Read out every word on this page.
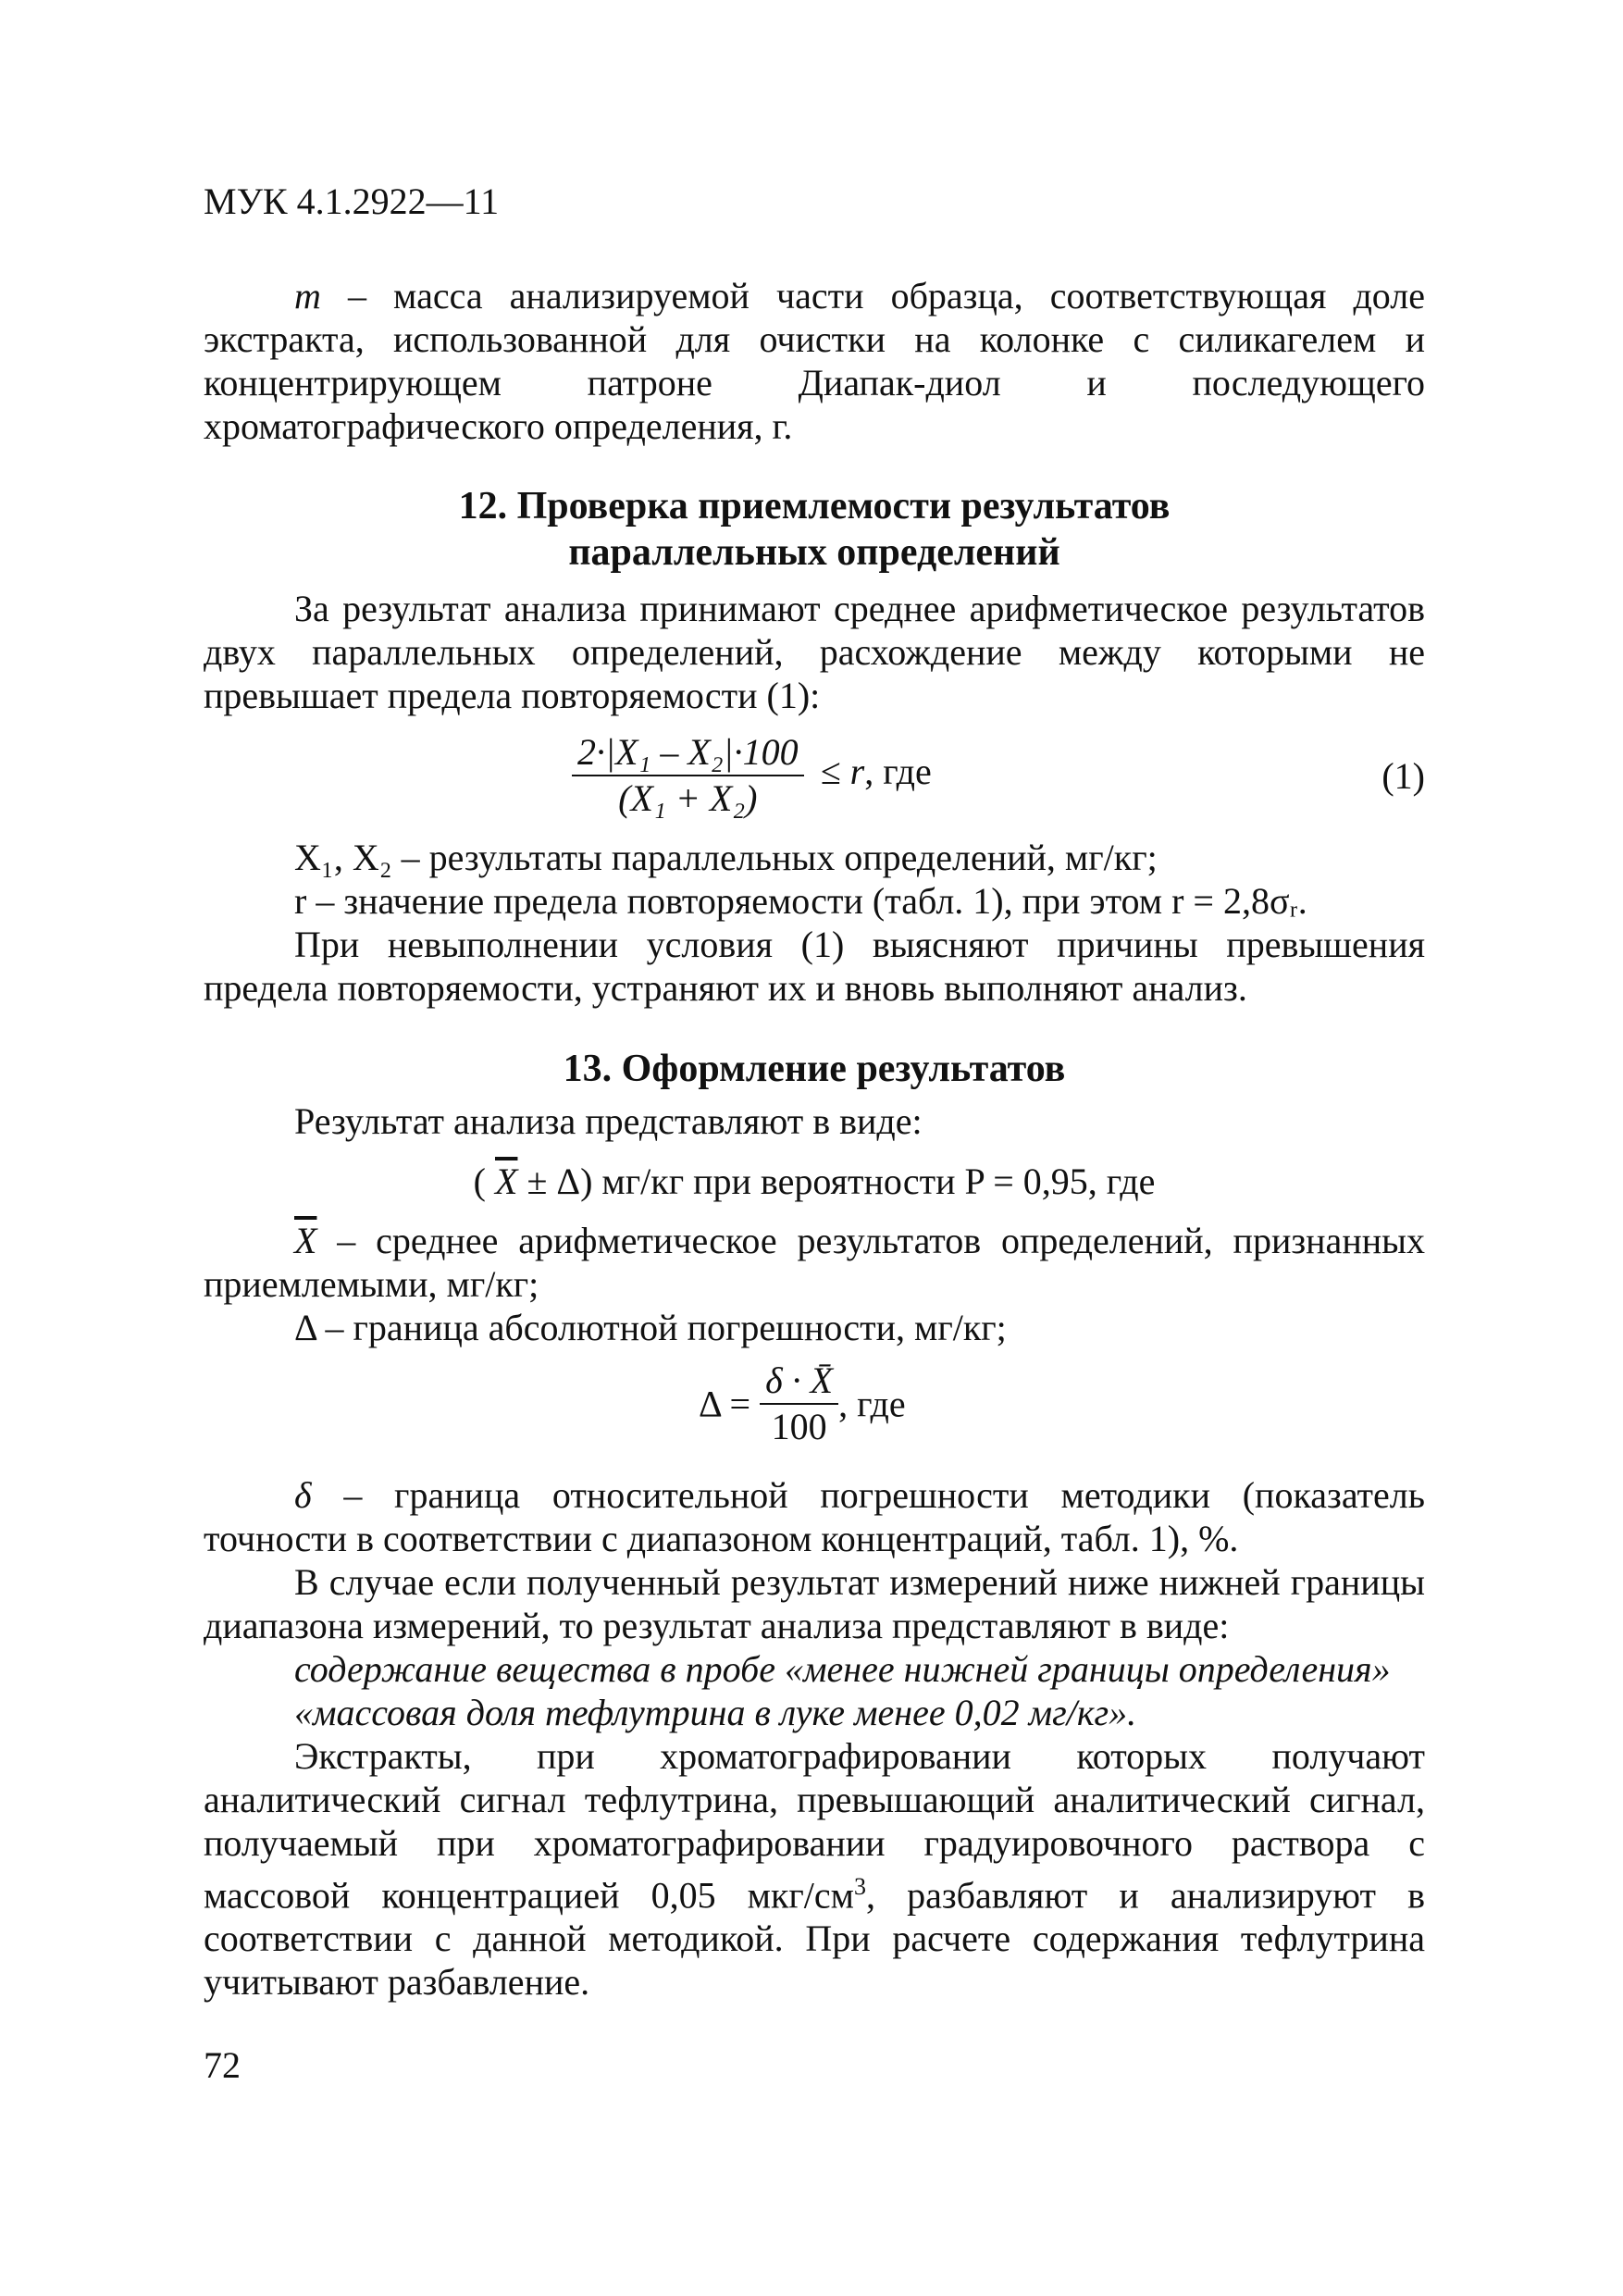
МУК 4.1.2922—11

m – масса анализируемой части образца, соответствующая доле экстракта, использованной для очистки на колонке с силикагелем и концентрирующем патроне Диапак-диол и последующего хроматографического определения, г.

12. Проверка приемлемости результатов

параллельных определений

За результат анализа принимают среднее арифметическое результатов двух параллельных определений, расхождение между которыми не превышает предела повторяемости (1):

$\frac{\text{2·|X₁ – X₂|·100}}{\text{(X₁ + X₂)}} \le r$, где	(1)

X₁, X₂ – результаты параллельных определений, мг/кг;

r – значение предела повторяемости (табл. 1), при этом r = 2,8σᵣ.

При невыполнении условия (1) выясняют причины превышения предела повторяемости, устраняют их и вновь выполняют анализ.

13. Оформление результатов

Результат анализа представляют в виде:

( $\overline{X} \pm \Delta$) мг/кг при вероятности P = 0,95, где

$\overline{X}$ – среднее арифметическое результатов определений, признанных приемлемыми, мг/кг;

Δ – граница абсолютной погрешности, мг/кг;

$\Delta = \frac{\delta \cdot X̄}{100}$ , где

δ – граница относительной погрешности методики (показатель точности в соответствии с диапазоном концентраций, табл. 1), %.

В случае если полученный результат измерений ниже нижней границы диапазона измерений, то результат анализа представляют в виде:

содержание вещества в пробе «менее нижней границы определения»

«массовая доля тефлутрина в луке менее 0,02 мг/кг».

Экстракты, при хроматографировании которых получают аналитический сигнал тефлутрина, превышающий аналитический сигнал, получаемый при хроматографировании градуировочного раствора с массовой концентрацией 0,05 мкг/$см^3$, разбавляют и анализируют в соответствии с данной методикой. При расчете содержания тефлутрина учитывают разбавление.

72
